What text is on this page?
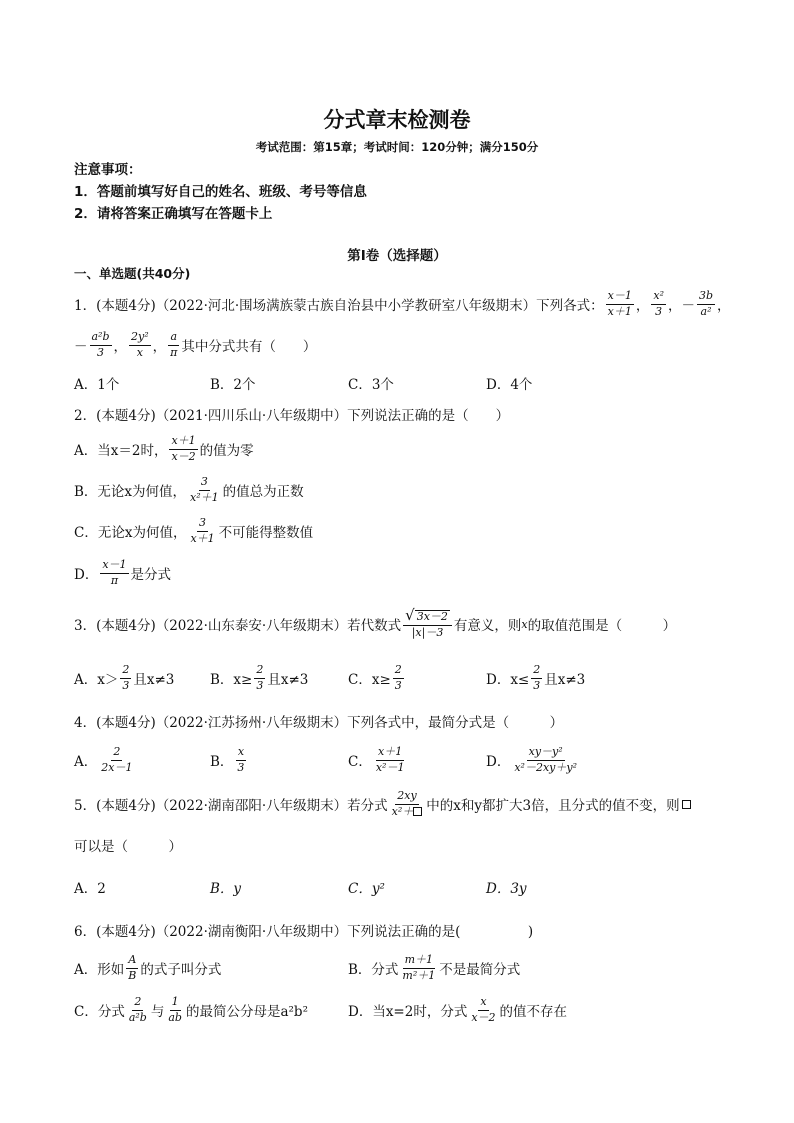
分式章末检测卷
考试范围：第15章；考试时间：120分钟；满分150分
注意事项：
1．答题前填写好自己的姓名、班级、考号等信息
2．请将答案正确填写在答题卡上
第Ⅰ卷（选择题）
一、单选题(共40分)
1．(本题4分)（2022·河北·围场满族蒙古族自治县中小学教研室八年级期末）下列各式： $\frac{x-1}{x+1}$ ， $\frac{\text{x²}}{3}$ ，－ $\frac{3b}{\text{a²}}$ ，
－ $\frac{\text{a²b}}{3}$ ， $\frac{\text{2y²}}{x}$ ， $\frac{a}{\pi}$ 其中分式共有（　　）
A．1个	B．2个	C．3个	D．4个
2．(本题4分)（2021·四川乐山·八年级期中）下列说法正确的是（　　）
A．当x＝2时， $\frac{x+1}{x-2}$ 的值为零
B．无论x为何值， $\frac{3}{\text{x²＋1}}$ 的值总为正数
C．无论x为何值， $\frac{3}{x+1}$ 不可能得整数值
D． $\frac{x-1}{\pi}$ 是分式
3．(本题4分)（2022·山东泰安·八年级期末）若代数式 $\frac{√ 3x-2}{|x|-3}$ 有意义，则 x 的取值范围是（　　　）
A．$x> \frac{2}{3}$ 且x≠3	B．$x\ge \frac{2}{3}$ 且x≠3	C．$x\ge \frac{2}{3}$	D．$x\le \frac{2}{3}$ 且x≠3
4．(本题4分)（2022·江苏扬州·八年级期末）下列各式中，最简分式是（　　　）
A． $\frac{2}{2x-1}$	B． $\frac{x}{3}$	C． $\frac{x+1}{\text{x²－1}}$	D． $\frac{\text{xy－y²}}{\text{x²－2xy＋y²}}$
5．(本题4分)（2022·湖南邵阳·八年级期末）若分式 $\frac{2xy}{\text{x²＋}}$ 中的x和y都扩大3倍，且分式的值不变，则
可以是（　　　）
A．2	B．y	C．y²	D．3y
6．(本题4分)（2022·湖南衡阳·八年级期中）下列说法正确的是(　　　　　)
A．形如 $\frac{A}{B}$ 的式子叫分式	B．分式 $\frac{m+1}{\text{m²＋1}}$ 不是最简分式
C．分式 $\frac{2}{\text{a²b}}$ 与 $\frac{1}{ab}$ 的最简公分母是a²b²	D．当x=2时，分式 $\frac{x}{x-2}$ 的值不存在
